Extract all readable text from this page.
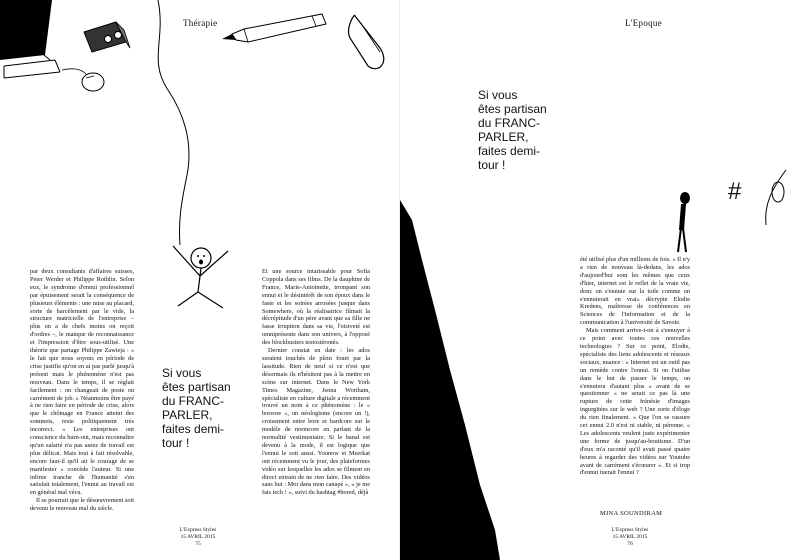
Thérapie

par deux consultants d'affaires suisses, Peter Werder et Philippe Rothlin. Selon eux, le syndrome d'ennui professionnel par épuisement serait la conséquence de plusieurs éléments : une mise au placard, sorte de harcèlement par le vide, la structure matricielle de l'entreprise – plus on a de chefs moins on reçoit d'ordres –, le manque de reconnaissance et l'impression d'être sous-utilisé. Une théorie que partage Philippe Zawieja : « le fait que nous soyons en période de crise justifie qu'on en ai pas parlé jusqu'à présent mais le phénomène n'est pas nouveau. Dans le temps, il se réglait facilement : on changeait de poste ou carrément de job. » Néanmoins être payé à ne rien faire en période de crise, alors que le chômage en France atteint des sommets, reste politiquement très incorrect. « Les entreprises ont conscience du burn-out, mais reconnaître qu'un salarié n'a pas assez de travail est plus délicat. Mais tout à fait résolvable, encore faut-il qu'il ait le courage de se manifester » concède l'auteur. Si une infime tranche de l'humanité s'en satisfait totalement, l'ennui au travail est en général mal vécu.

Il se pourrait que le désœuvrement soit devenu le nouveau mal du siècle.

Si vous
êtes partisan
du FRANC-
PARLER,
faites demi-
tour !

Et une source intarissable pour Sofia Coppola dans ses films. De la dauphine de France, Marie-Antoinette, trompant son ennui et le désintérêt de son époux dans le faste et les soirées arrosées jusque dans Somewhere, où la réalisatrice filmait la décrépitude d'un père avant que sa fille ne fasse irruption dans sa vie, l'oisiveté est omniprésente dans son univers, à l'opposé des blockbusters testostéronés.

Dernier constat en date : les ados seraient touchés de plein fouet par la lassitude. Rien de neuf si ce n'est que désormais ils n'hésitent pas à la mettre en scène sur internet. Dans le New York Times Magazine, Jenna Wortham, spécialiste en culture digitale a récemment trouvé un nom à ce phénomène : le « boreore », un néologisme (encore un !), croisement entre bore et hardcore sur le modèle de normcore en parlant de la normalité vestimentaire. Si le banal est devenu à la mode, il est logique que l'ennui le soit aussi. Younow et Meerkat ont récemment vu le jour, des plateformes vidéo sur lesquelles les ados se filment en direct entrain de ne rien faire. Des vidéos sans but : Moi dans mon canapé », « je me fais iech ! », suivi du hashtag #bored, déjà

L'Express Styles
15 AVRIL 2015
75
L'Epoque
Si vous
êtes partisan
du FRANC-
PARLER,
faites demi-
tour !
#

été utilisé plus d'un millions de fois. « Il n'y a rien de nouveau là-dedans, les ados d'aujourd'hui sont les mêmes que ceux d'hier, internet est le reflet de la vraie vie, donc on s'ennuie sur la toile comme on s'ennuierait en vrai» décrypte Elodie Kredens, maîtresse de conférences en Sciences de l'information et de la communication à l'université de Savoie.

Mais comment arrive-t-on à s'ennuyer à ce point avec toutes ces nouvelles technologies ? Sur ce point, Elodie, spécialiste des liens adolescents et réseaux sociaux, nuance : « Internet est un outil pas un remède contre l'ennui. Si on l'utilise dans le but de passer le temps, on s'ennuiera d'autant plus » avant de se questionner « ne serait ce pas là une rupture de cette frénésie d'images ingurgitées sur le web ? Une sorte d'éloge du rien finalement. » Que l'on se rassure cet ennui 2.0 n'est ni stable, ni pérenne. « Les adolescents veulent juste expérimenter une forme de jusqu'au-boutisme. D'un d'eux m'a raconté qu'il avait passé quatre heures à regarder des vidéos sur Youtube avant de carrément s'écœurer ». Et si trop d'ennui tuerait l'ennui ?

MINA SOUNDIRAM
L'Express Styles
15 AVRIL 2015
76
